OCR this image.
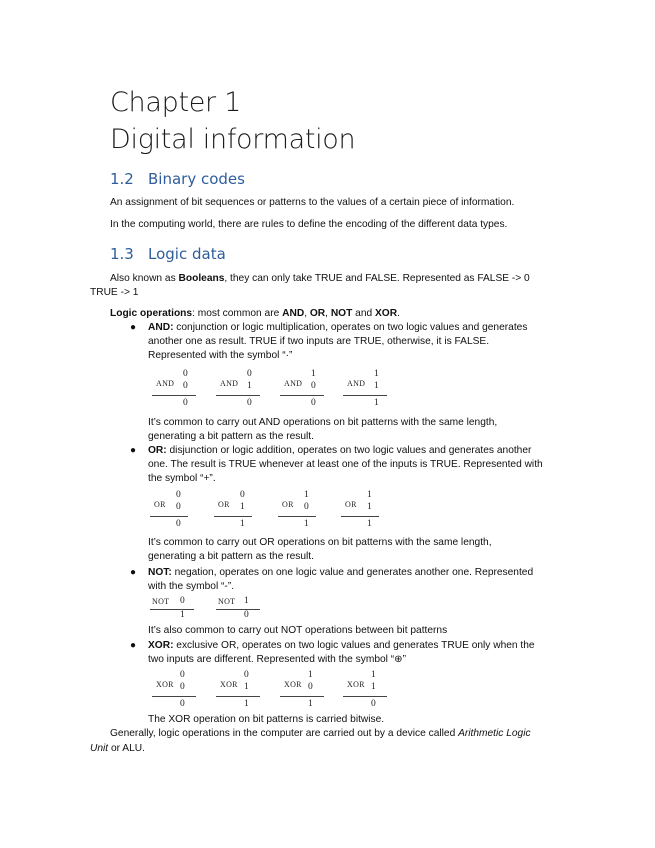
Chapter 1
Digital information
1.2 Binary codes
An assignment of bit sequences or patterns to the values of a certain piece of information.
In the computing world, there are rules to define the encoding of the different data types.
1.3 Logic data
Also known as Booleans, they can only take TRUE and FALSE. Represented as FALSE -> 0
TRUE -> 1
Logic operations: most common are AND, OR, NOT and XOR.
● AND: conjunction or logic multiplication, operates on two logic values and generates
another one as result. TRUE if two inputs are TRUE, otherwise, it is FALSE.
Represented with the symbol “·”
AND
0
0
0
AND
0
1
0
AND
1
0
0
AND
1
1
1
It’s common to carry out AND operations on bit patterns with the same length,
generating a bit pattern as the result.
● OR: disjunction or logic addition, operates on two logic values and generates another
one. The result is TRUE whenever at least one of the inputs is TRUE. Represented with
the symbol “+”.
OR
0
0
0
OR
0
1
1
OR
1
0
1
OR
1
1
1
It’s common to carry out OR operations on bit patterns with the same length,
generating a bit pattern as the result.
● NOT: negation, operates on one logic value and generates another one. Represented
with the symbol “-”.
NOT 0
1
NOT 1
0
It’s also common to carry out NOT operations between bit patterns
● XOR: exclusive OR, operates on two logic values and generates TRUE only when the
two inputs are different. Represented with the symbol “⊕”
XOR
0
0
0
XOR
0
1
1
XOR
1
0
1
XOR
1
1
0
The XOR operation on bit patterns is carried bitwise.
Generally, logic operations in the computer are carried out by a device called Arithmetic Logic
Unit or ALU.
